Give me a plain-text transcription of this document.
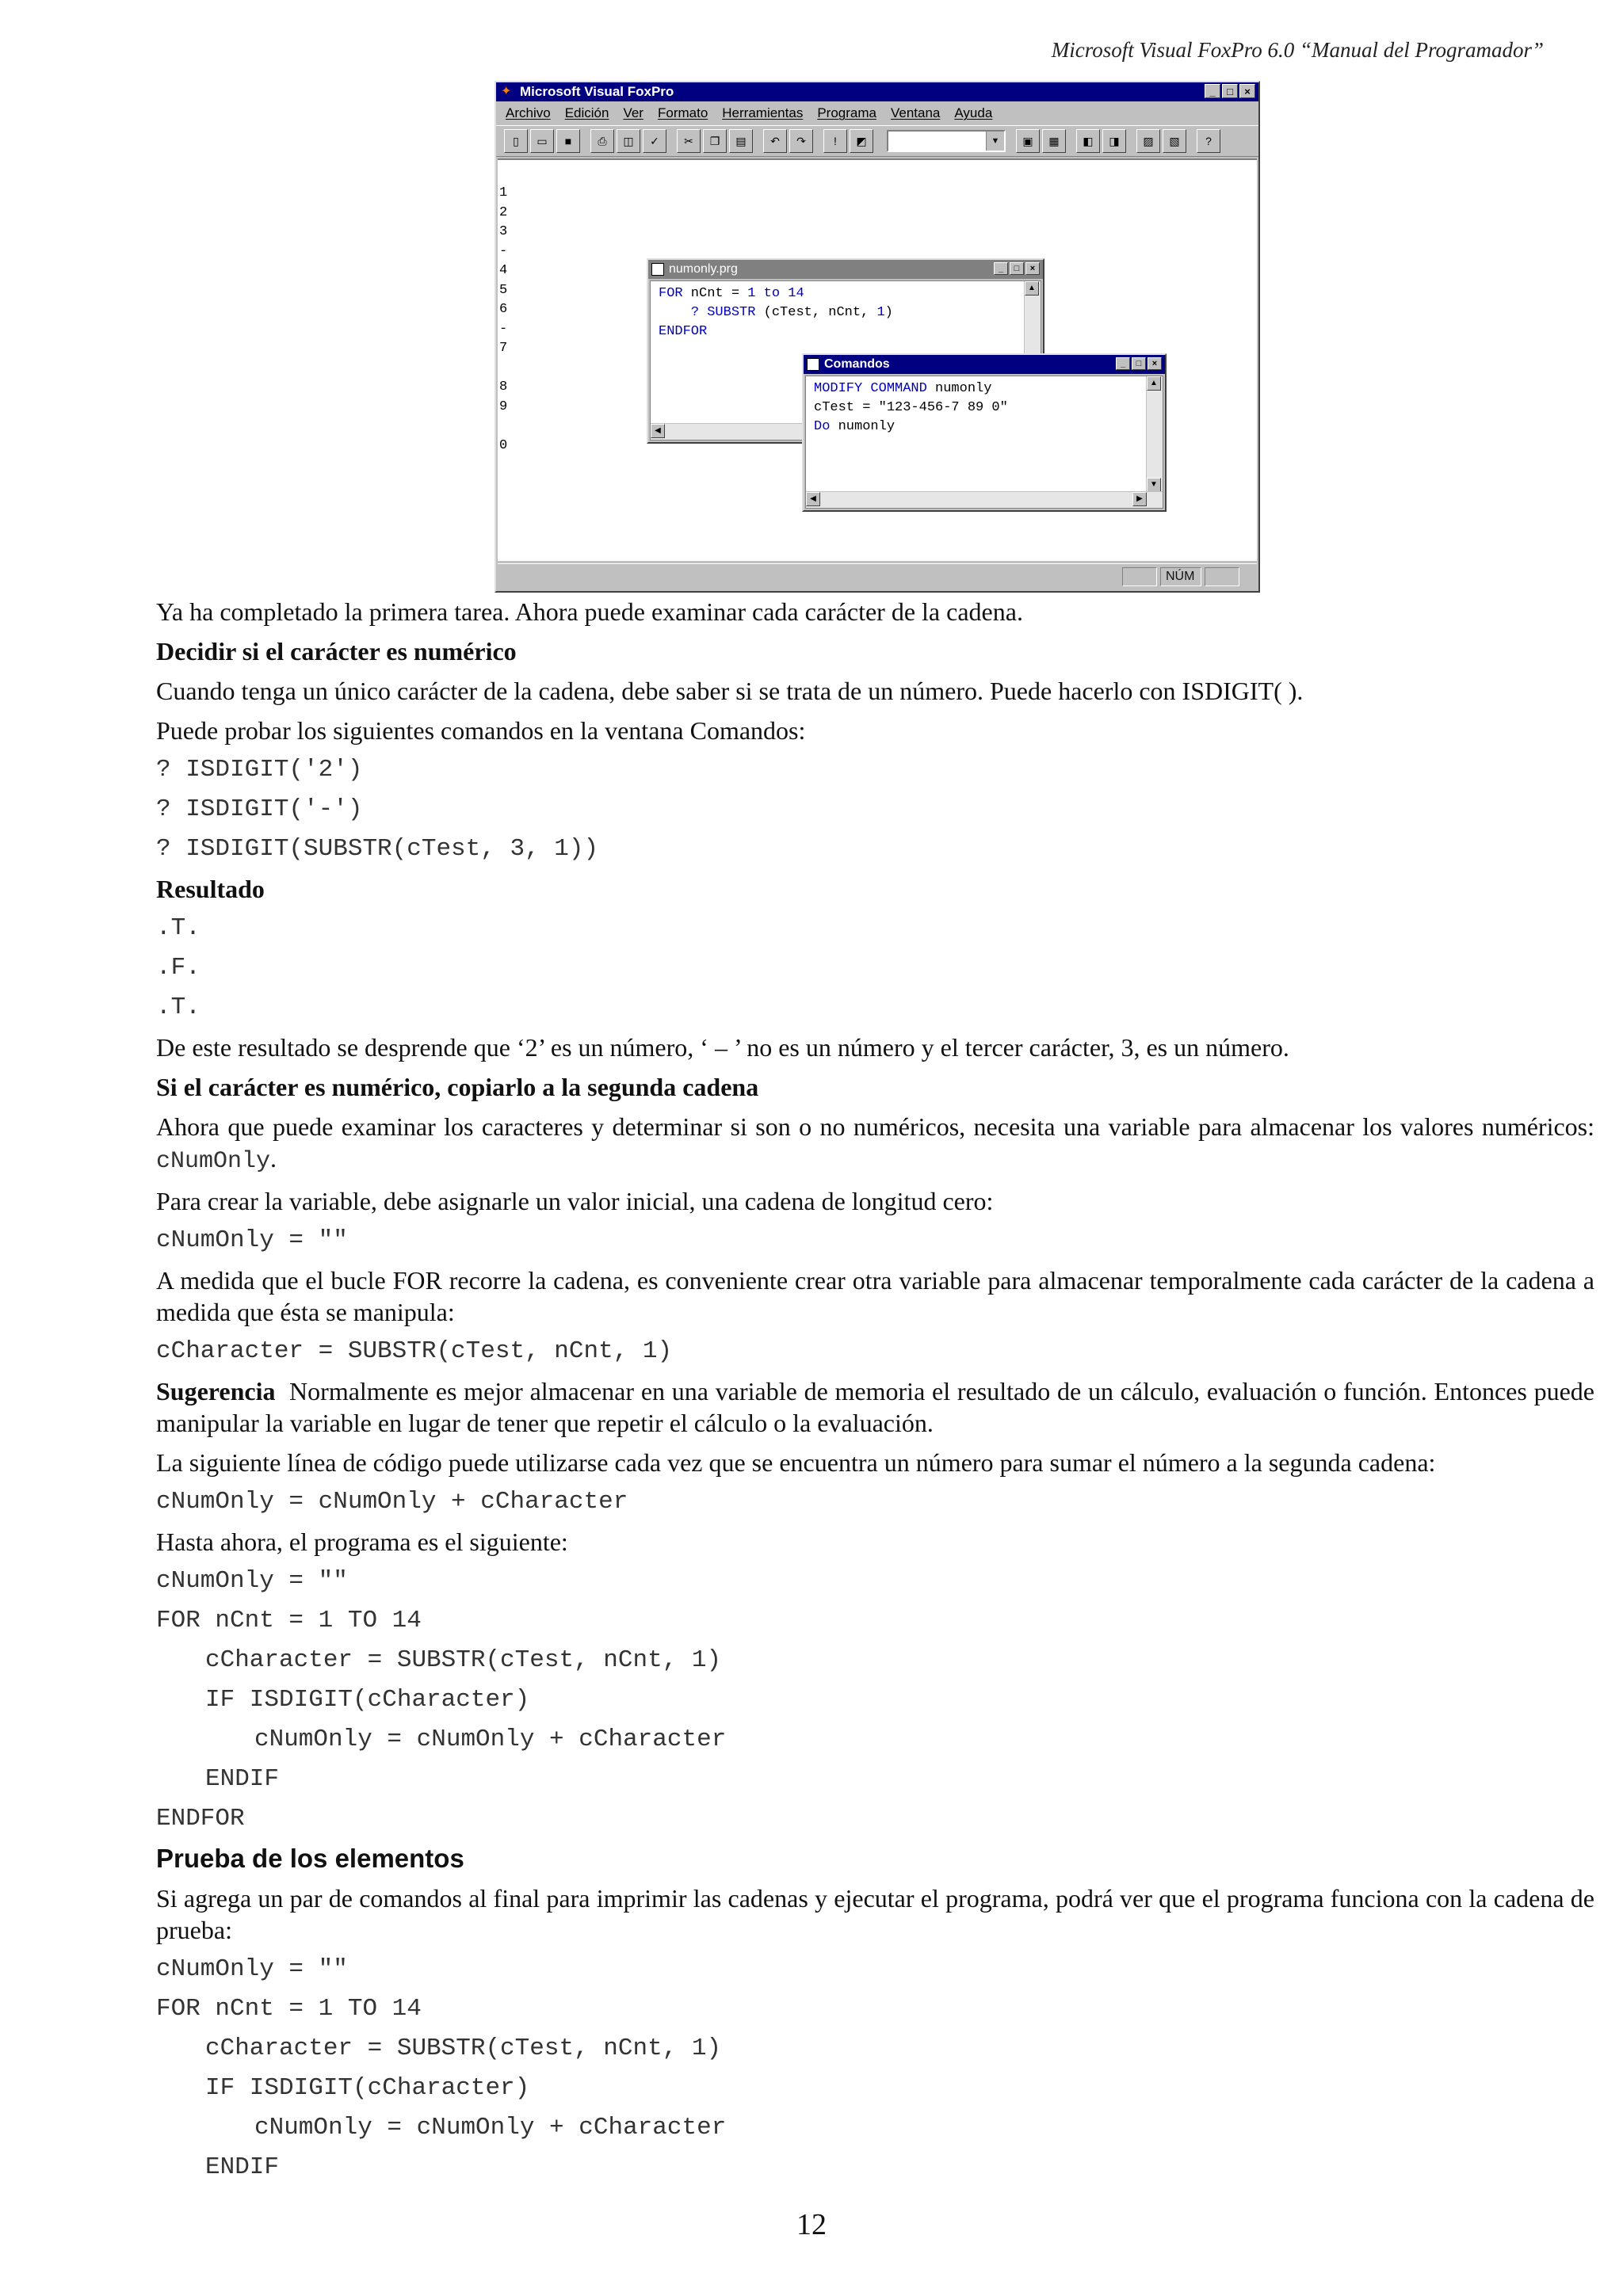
Microsoft Visual FoxPro 6.0 “Manual del Programador”
✦ Microsoft Visual FoxPro	_	□	×
Archivo Edición Ver Formato Herramientas Programa Ventana Ayuda
▯	▭	■	⎙	◫	✓	✂	❐	▤	↶	↷	!	◩
▼	▣	▦	◧	◨	▨	▧	?
1
2
3
-
4
5
6
-
7
8
9
0
numonly.prg	_	□	×
FOR nCnt = 1 to 14
? SUBSTR (cTest, nCnt, 1)
ENDFOR
▲
◀
Comandos	_	□	×
MODIFY COMMAND numonly
cTest = "123-456-7 89 0"
Do numonly
▲
▼
◀	▶
NÚM

Ya ha completado la primera tarea. Ahora puede examinar cada carácter de la cadena.

Decidir si el carácter es numérico

Cuando tenga un único carácter de la cadena, debe saber si se trata de un número. Puede hacerlo con ISDIGIT( ).

Puede probar los siguientes comandos en la ventana Comandos:

? ISDIGIT('2')
? ISDIGIT('-')
? ISDIGIT(SUBSTR(cTest, 3, 1))

Resultado

.T.
.F.
.T.

De este resultado se desprende que ‘2’ es un número, ‘ – ’ no es un número y el tercer carácter, 3, es un número.

Si el carácter es numérico, copiarlo a la segunda cadena

Ahora que puede examinar los caracteres y determinar si son o no numéricos, necesita una variable para almacenar los valores numéricos: cNumOnly.

Para crear la variable, debe asignarle un valor inicial, una cadena de longitud cero:

cNumOnly = ""

A medida que el bucle FOR recorre la cadena, es conveniente crear otra variable para almacenar temporalmente cada carácter de la cadena a medida que ésta se manipula:

cCharacter = SUBSTR(cTest, nCnt, 1)

Sugerencia  Normalmente es mejor almacenar en una variable de memoria el resultado de un cálculo, evaluación o función. Entonces puede manipular la variable en lugar de tener que repetir el cálculo o la evaluación.

La siguiente línea de código puede utilizarse cada vez que se encuentra un número para sumar el número a la segunda cadena:

cNumOnly = cNumOnly + cCharacter

Hasta ahora, el programa es el siguiente:

cNumOnly = ""
FOR nCnt = 1 TO 14
cCharacter = SUBSTR(cTest, nCnt, 1)
IF ISDIGIT(cCharacter)
cNumOnly = cNumOnly + cCharacter
ENDIF
ENDFOR

Prueba de los elementos

Si agrega un par de comandos al final para imprimir las cadenas y ejecutar el programa, podrá ver que el programa funciona con la cadena de prueba:

cNumOnly = ""
FOR nCnt = 1 TO 14
cCharacter = SUBSTR(cTest, nCnt, 1)
IF ISDIGIT(cCharacter)
cNumOnly = cNumOnly + cCharacter
ENDIF
12
